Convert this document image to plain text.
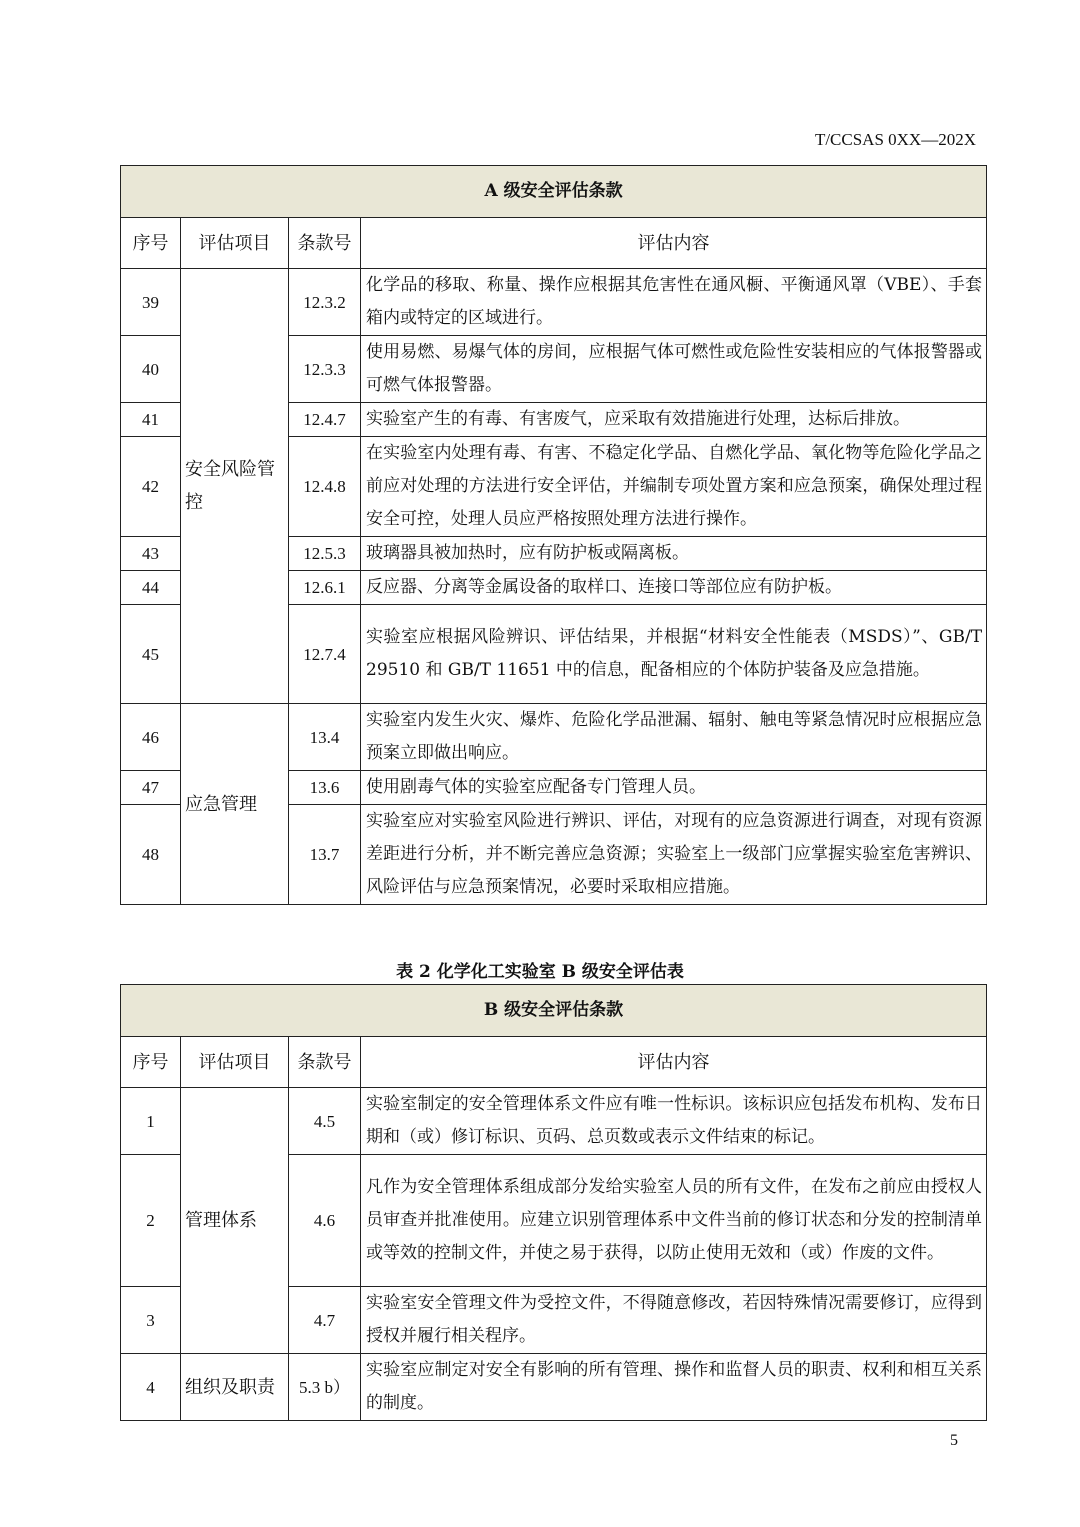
T/CCSAS 0XX—202X
A 级安全评估条款			
序号	评估项目	条款号	评估内容
39	安全风险管控	12.3.2	化学品的移取、称量、操作应根据其危害性在通风橱、平衡通风罩（VBE）、手套箱内或特定的区域进行。
40		12.3.3	使用易燃、易爆气体的房间，应根据气体可燃性或危险性安装相应的气体报警器或可燃气体报警器。
41		12.4.7	实验室产生的有毒、有害废气，应采取有效措施进行处理，达标后排放。
42		12.4.8	在实验室内处理有毒、有害、不稳定化学品、自燃化学品、氧化物等危险化学品之前应对处理的方法进行安全评估，并编制专项处置方案和应急预案，确保处理过程安全可控，处理人员应严格按照处理方法进行操作。
43		12.5.3	玻璃器具被加热时，应有防护板或隔离板。
44		12.6.1	反应器、分离等金属设备的取样口、连接口等部位应有防护板。
45		12.7.4	实验室应根据风险辨识、评估结果，并根据“材料安全性能表（MSDS）”、GB/T 29510 和 GB/T 11651 中的信息，配备相应的个体防护装备及应急措施。
46	应急管理	13.4	实验室内发生火灾、爆炸、危险化学品泄漏、辐射、触电等紧急情况时应根据应急预案立即做出响应。
47		13.6	使用剧毒气体的实验室应配备专门管理人员。
48		13.7	实验室应对实验室风险进行辨识、评估，对现有的应急资源进行调查，对现有资源差距进行分析，并不断完善应急资源；实验室上一级部门应掌握实验室危害辨识、风险评估与应急预案情况，必要时采取相应措施。
表 2 化学化工实验室 B 级安全评估表
B 级安全评估条款			
序号	评估项目	条款号	评估内容
1	管理体系	4.5	实验室制定的安全管理体系文件应有唯一性标识。该标识应包括发布机构、发布日期和（或）修订标识、页码、总页数或表示文件结束的标记。
2		4.6	凡作为安全管理体系组成部分发给实验室人员的所有文件，在发布之前应由授权人员审查并批准使用。应建立识别管理体系中文件当前的修订状态和分发的控制清单或等效的控制文件，并使之易于获得，以防止使用无效和（或）作废的文件。
3		4.7	实验室安全管理文件为受控文件，不得随意修改，若因特殊情况需要修订，应得到授权并履行相关程序。
4	组织及职责	5.3 b）	实验室应制定对安全有影响的所有管理、操作和监督人员的职责、权利和相互关系的制度。
5
